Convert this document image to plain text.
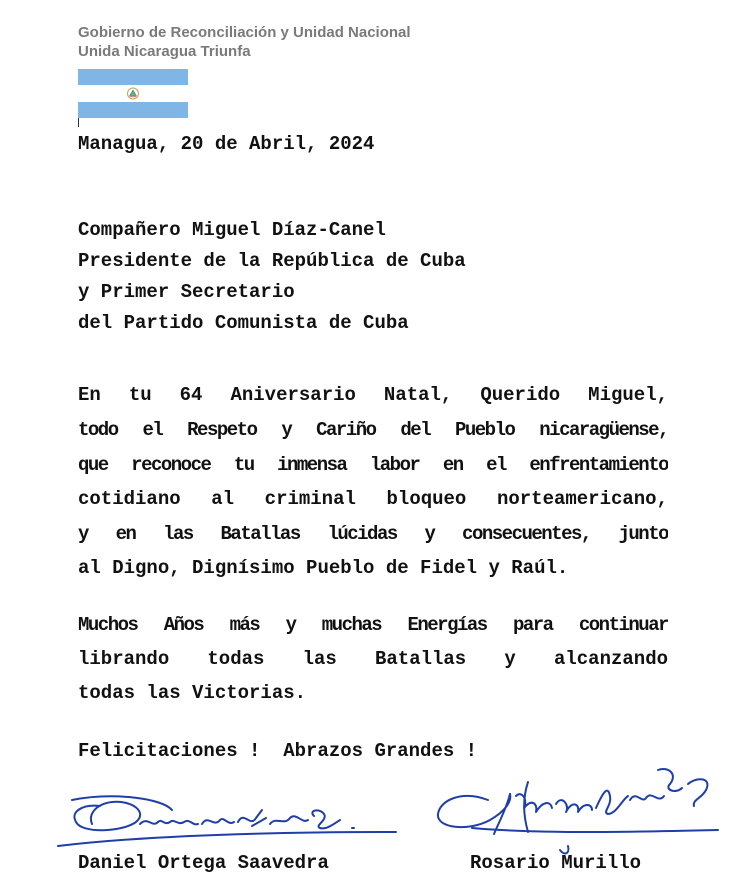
Gobierno de Reconciliación y Unidad Nacional
Unida Nicaragua Triunfa
Managua, 20 de Abril, 2024
Compañero Miguel Díaz-Canel
Presidente de la República de Cuba
y Primer Secretario
del Partido Comunista de Cuba
En tu 64 Aniversario Natal, Querido Miguel,
todo el Respeto y Cariño del Pueblo nicaragüense,
que reconoce tu inmensa labor en el enfrentamiento
cotidiano al criminal bloqueo norteamericano,
y en las Batallas lúcidas y consecuentes, junto
al Digno, Dignísimo Pueblo de Fidel y Raúl.
Muchos Años más y muchas Energías para continuar
librando todas las Batallas y alcanzando
todas las Victorias.
Felicitaciones !  Abrazos Grandes !
Daniel Ortega Saavedra	Rosario Murillo
